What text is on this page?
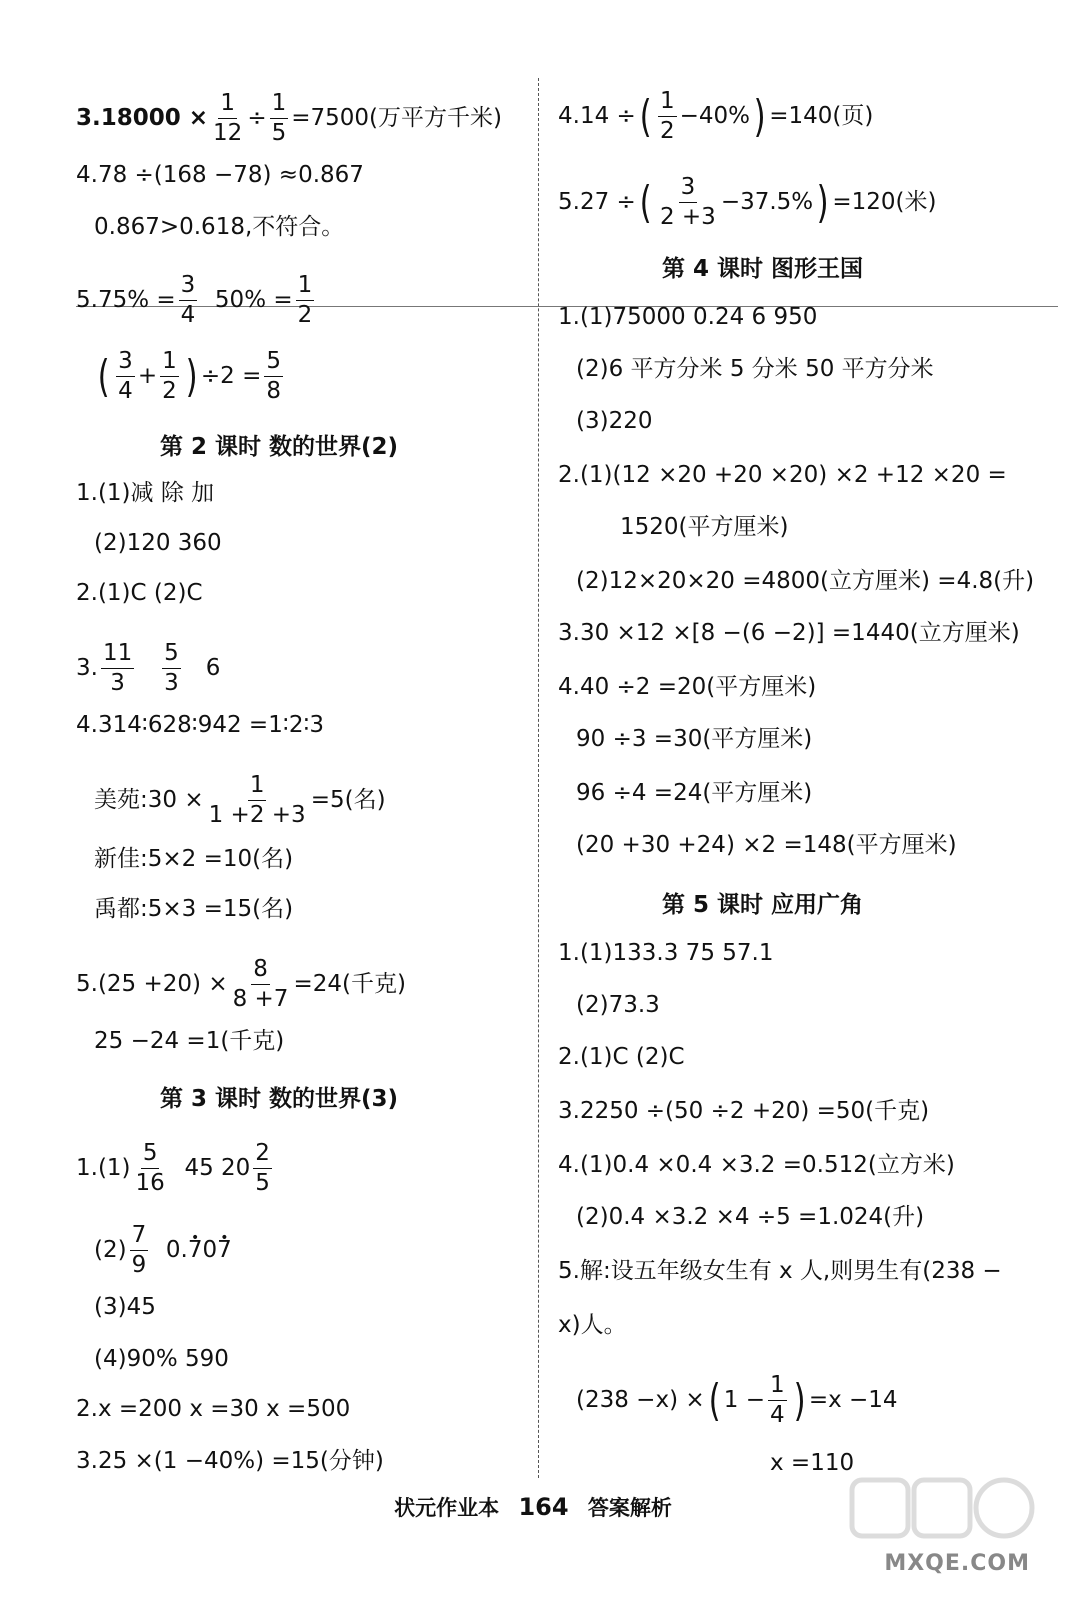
$3.18000 \times \frac{1}{12} \div \frac{1}{5} =7500$(万平方千米)
4.78 ÷(168 −78) ≈0.867
0.867>0.618,不符合。
$5.75\% = \frac{3}{4} 50\% = \frac{1}{2}$
( $\frac{3}{4} + \frac{1}{2}$ ) $\div 2 = \frac{5}{8}$
第 2 课时 数的世界(2)
1.(1)减 除 加
(2)120 360
2.(1)C (2)C
3. $\frac{11}{3}$
$\frac{5}{3} 6$
4.314∶628∶942 =1∶2∶3
美苑:30 × $\frac{1}{1 +2 +3} =5$(名)
新佳:5×2 =10(名)
禹都:5×3 =15(名)
$5.(25 +20) \times \frac{8}{8 +7} =24$(千克)
25 −24 =1(千克)
第 3 课时 数的世界(3)
$1.(1) \frac{5}{16} 45$ $20 \frac{2}{5}$
$(2) \frac{7}{9} 0.7$ •07 •
(3)45
(4)90% 590
2.x =200 x =30 x =500
3.25 ×(1 −40%) =15(分钟)
4.14 ÷( $\frac{1}{2} -40\%) =140$(页)
5.27 ÷( $\frac{3}{2 +3} -37.5\%) =120$(米)
第 4 课时 图形王国
1.(1)75000 0.24 6 950
(2)6 平方分米 5 分米 50 平方分米
(3)220
2.(1)(12 ×20 +20 ×20) ×2 +12 ×20 =
1520(平方厘米)
(2)12×20×20 =4800(立方厘米) =4.8(升)
3.30 ×12 ×[8 −(6 −2)] =1440(立方厘米)
4.40 ÷2 =20(平方厘米)
90 ÷3 =30(平方厘米)
96 ÷4 =24(平方厘米)
(20 +30 +24) ×2 =148(平方厘米)
第 5 课时 应用广角
1.(1)133.3 75 57.1
(2)73.3
2.(1)C (2)C
3.2250 ÷(50 ÷2 +20) =50(千克)
4.(1)0.4 ×0.4 ×3.2 =0.512(立方米)
(2)0.4 ×3.2 ×4 ÷5 =1.024(升)
5.解:设五年级女生有 x 人,则男生有(238 −
x)人。
(238 −x) ×( $1 - \frac{1}{4}$ ) =x −14
x =110
状元作业本 164 答案解析
MXQE.COM
